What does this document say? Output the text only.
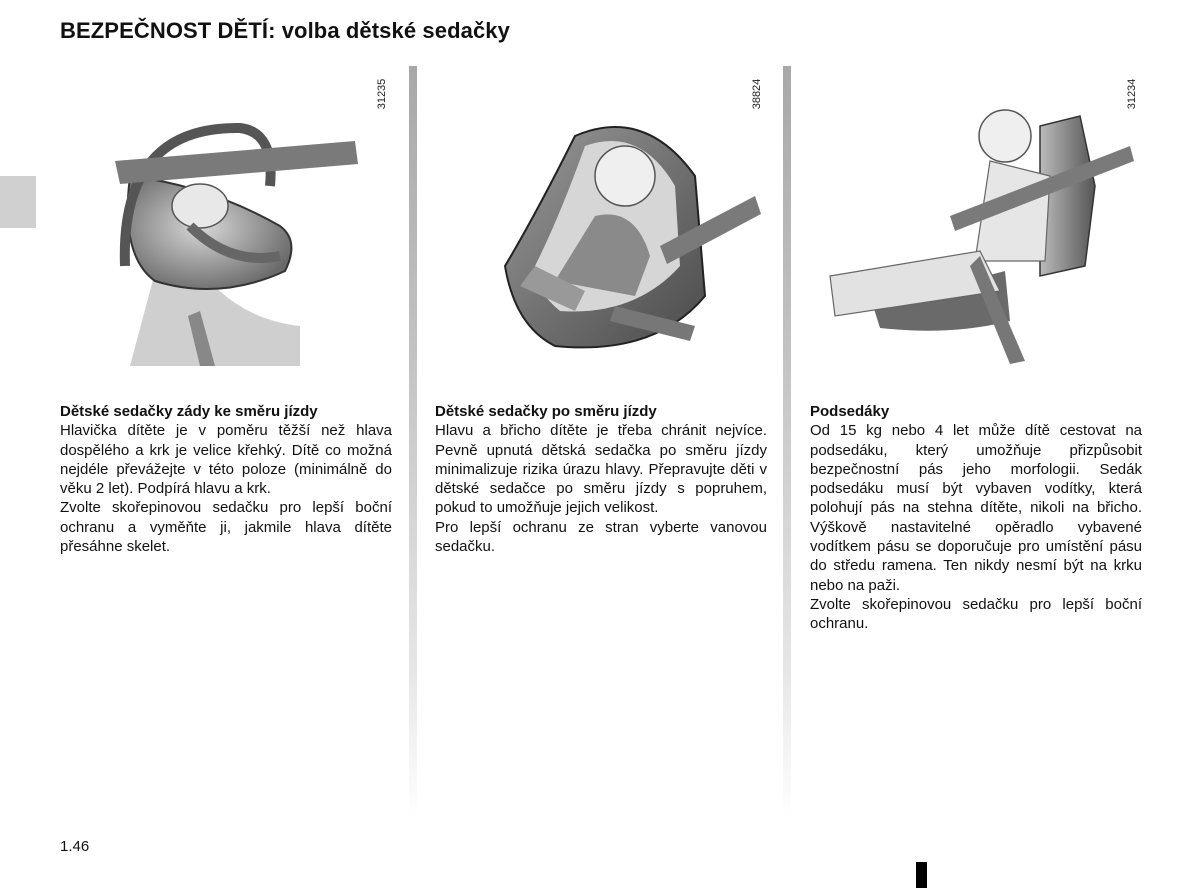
BEZPEČNOST DĚTÍ: volba dětské sedačky
31235
Dětské sedačky zády ke směru jízdy

Hlavička dítěte je v poměru těžší než hlava dospělého a krk je velice křehký. Dítě co možná nejdéle převážejte v této poloze (minimálně do věku 2 let). Podpírá hlavu a krk.

Zvolte skořepinovou sedačku pro lepší boční ochranu a vyměňte ji, jakmile hlava dítěte přesáhne skelet.

38824
Dětské sedačky po směru jízdy

Hlavu a břicho dítěte je třeba chránit nejvíce. Pevně upnutá dětská sedačka po směru jízdy minimalizuje rizika úrazu hlavy. Přepravujte děti v dětské sedačce po směru jízdy s popruhem, pokud to umožňuje jejich velikost.

Pro lepší ochranu ze stran vyberte vanovou sedačku.

31234
Podsedáky

Od 15 kg nebo 4 let může dítě cestovat na podsedáku, který umožňuje přizpůsobit bezpečnostní pás jeho morfologii. Sedák podsedáku musí být vybaven vodítky, která polohují pás na stehna dítěte, nikoli na břicho. Výškově nastavitelné opěradlo vybavené vodítkem pásu se doporučuje pro umístění pásu do středu ramena. Ten nikdy nesmí být na krku nebo na paži.

Zvolte skořepinovou sedačku pro lepší boční ochranu.

1.46
